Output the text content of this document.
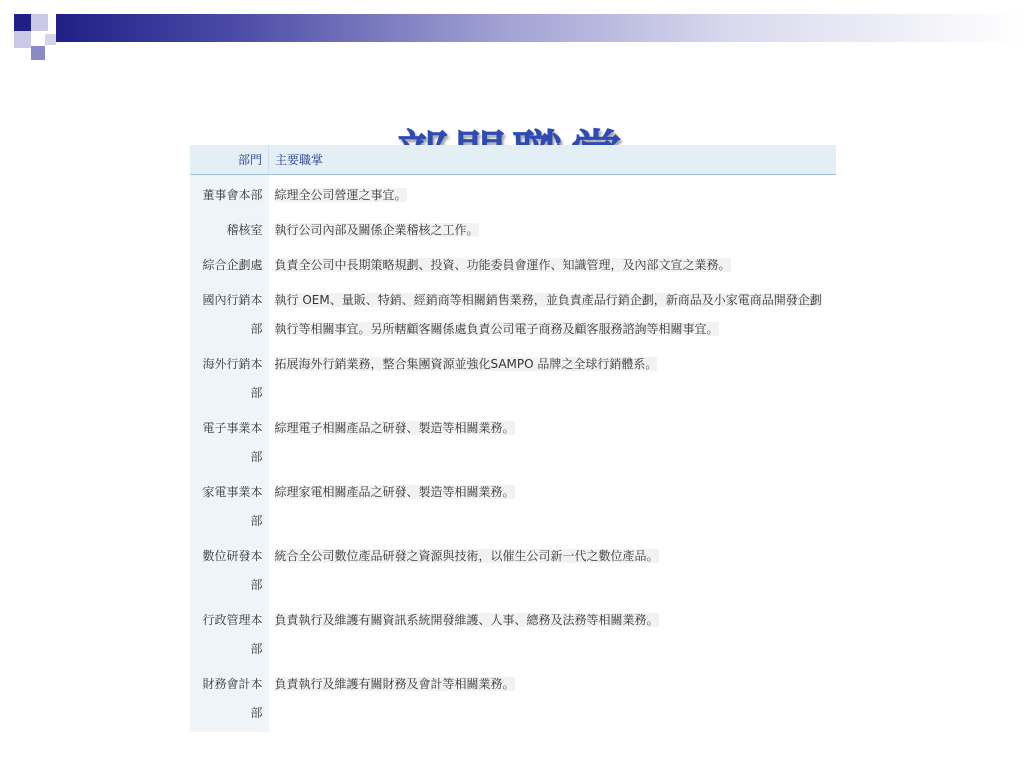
部門	主要職掌
董事會本部	綜理全公司營運之事宜。
稽核室	執行公司內部及關係企業稽核之工作。
綜合企劃處	負責全公司中長期策略規劃、投資、功能委員會運作、知識管理，及內部文宣之業務。
國內行銷本部	執行 OEM、量販、特銷、經銷商等相關銷售業務，並負責產品行銷企劃，新商品及小家電商品開發企劃執行等相關事宜。另所轄顧客關係處負責公司電子商務及顧客服務諮詢等相關事宜。
海外行銷本部	拓展海外行銷業務，整合集團資源並強化SAMPO 品牌之全球行銷體系。
電子事業本部	綜理電子相關產品之研發、製造等相關業務。
家電事業本部	綜理家電相關產品之研發、製造等相關業務。
數位研發本部	統合全公司數位產品研發之資源與技術，以催生公司新一代之數位產品。
行政管理本部	負責執行及維護有關資訊系統開發維護、人事、總務及法務等相關業務。
財務會計本部	負責執行及維護有關財務及會計等相關業務。
